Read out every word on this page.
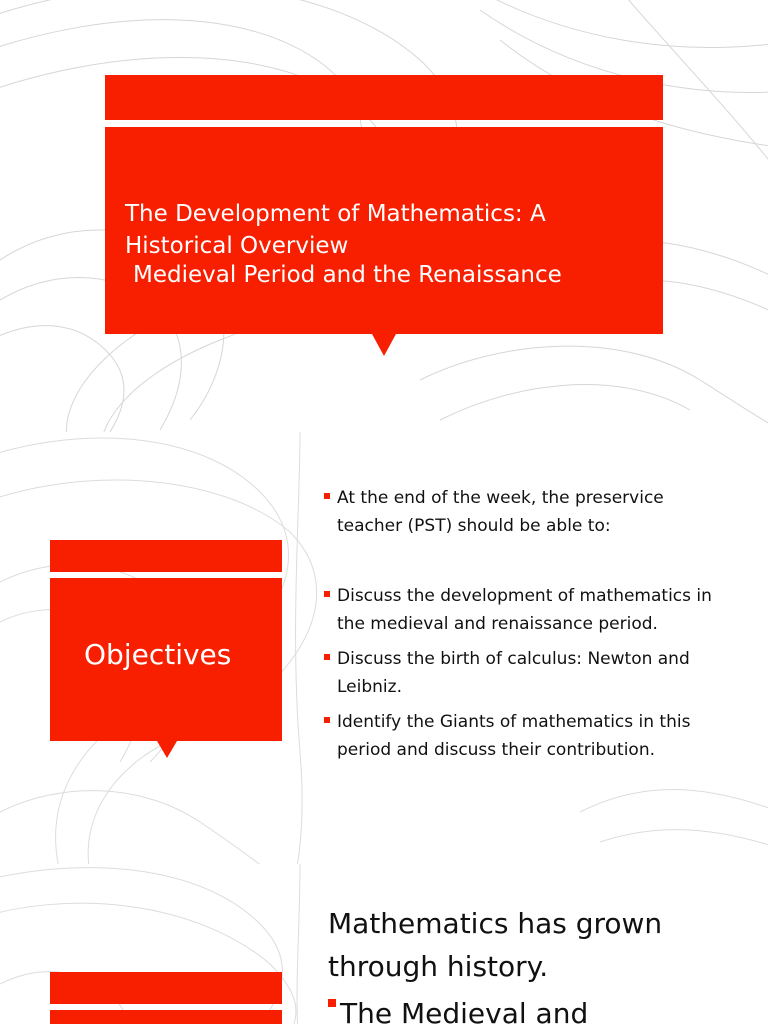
The Development of Mathematics: A
Historical Overview
Medieval Period and the Renaissance
Objectives
At the end of the week, the preservice teacher (PST) should be able to:
Discuss the development of mathematics in the medieval and renaissance period.
Discuss the birth of calculus: Newton and Leibniz.
Identify the Giants of mathematics in this period and discuss their contribution.
Mathematics has grown through history.
The Medieval and
